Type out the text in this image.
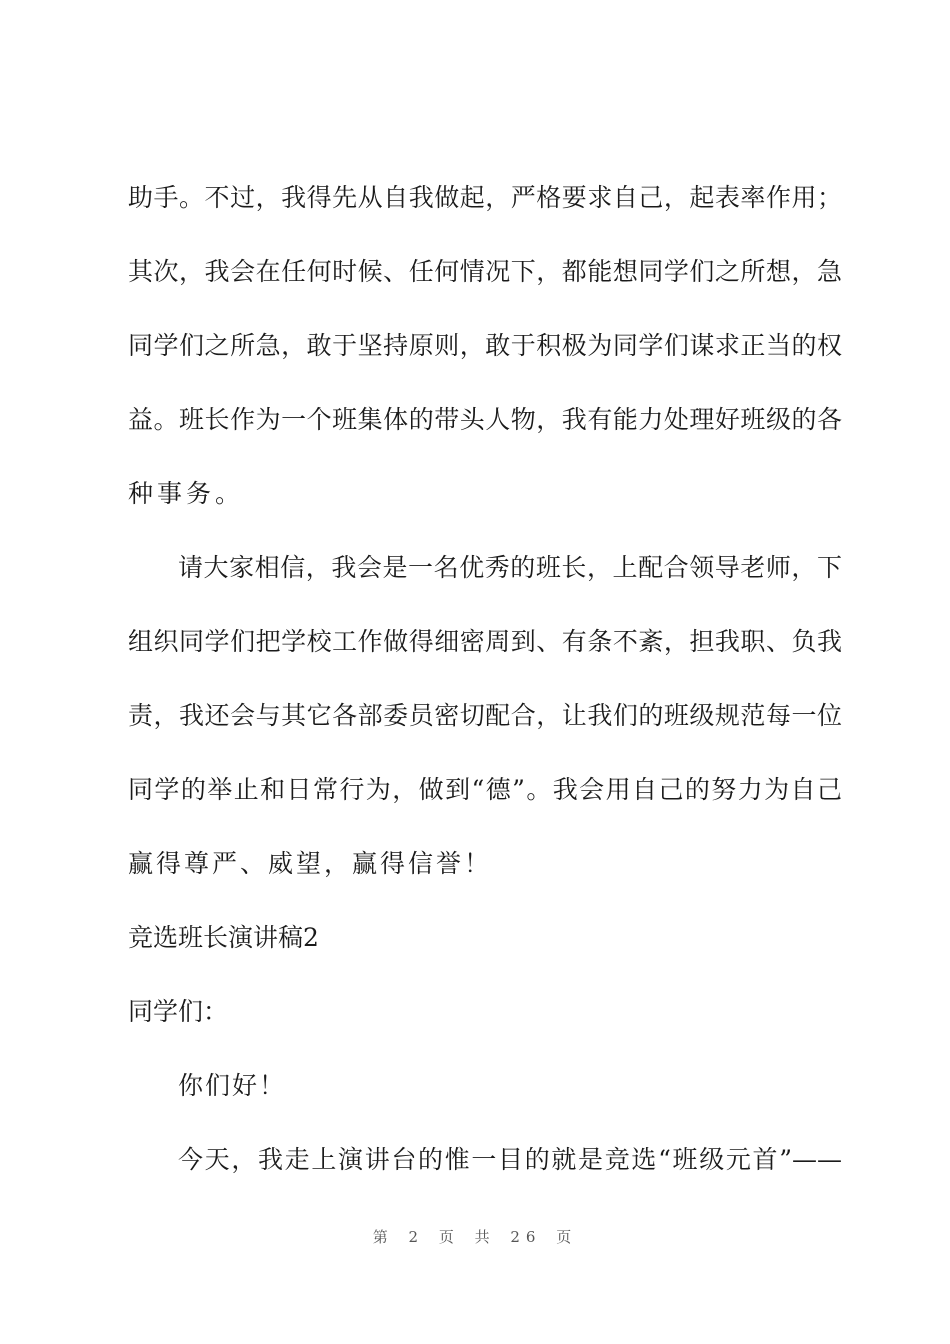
助手。不过，我得先从自我做起，严格要求自己，起表率作用；
其次，我会在任何时候、任何情况下，都能想同学们之所想，急
同学们之所急，敢于坚持原则，敢于积极为同学们谋求正当的权
益。班长作为一个班集体的带头人物，我有能力处理好班级的各
种事务。
请大家相信，我会是一名优秀的班长，上配合领导老师，下
组织同学们把学校工作做得细密周到、有条不紊，担我职、负我
责，我还会与其它各部委员密切配合，让我们的班级规范每一位
同学的举止和日常行为，做到“德”。我会用自己的努力为自己
赢得尊严、威望，赢得信誉！
竞选班长演讲稿2
同学们：
你们好！
今天，我走上演讲台的惟一目的就是竞选“班级元首”——
第 2 页 共 26 页
